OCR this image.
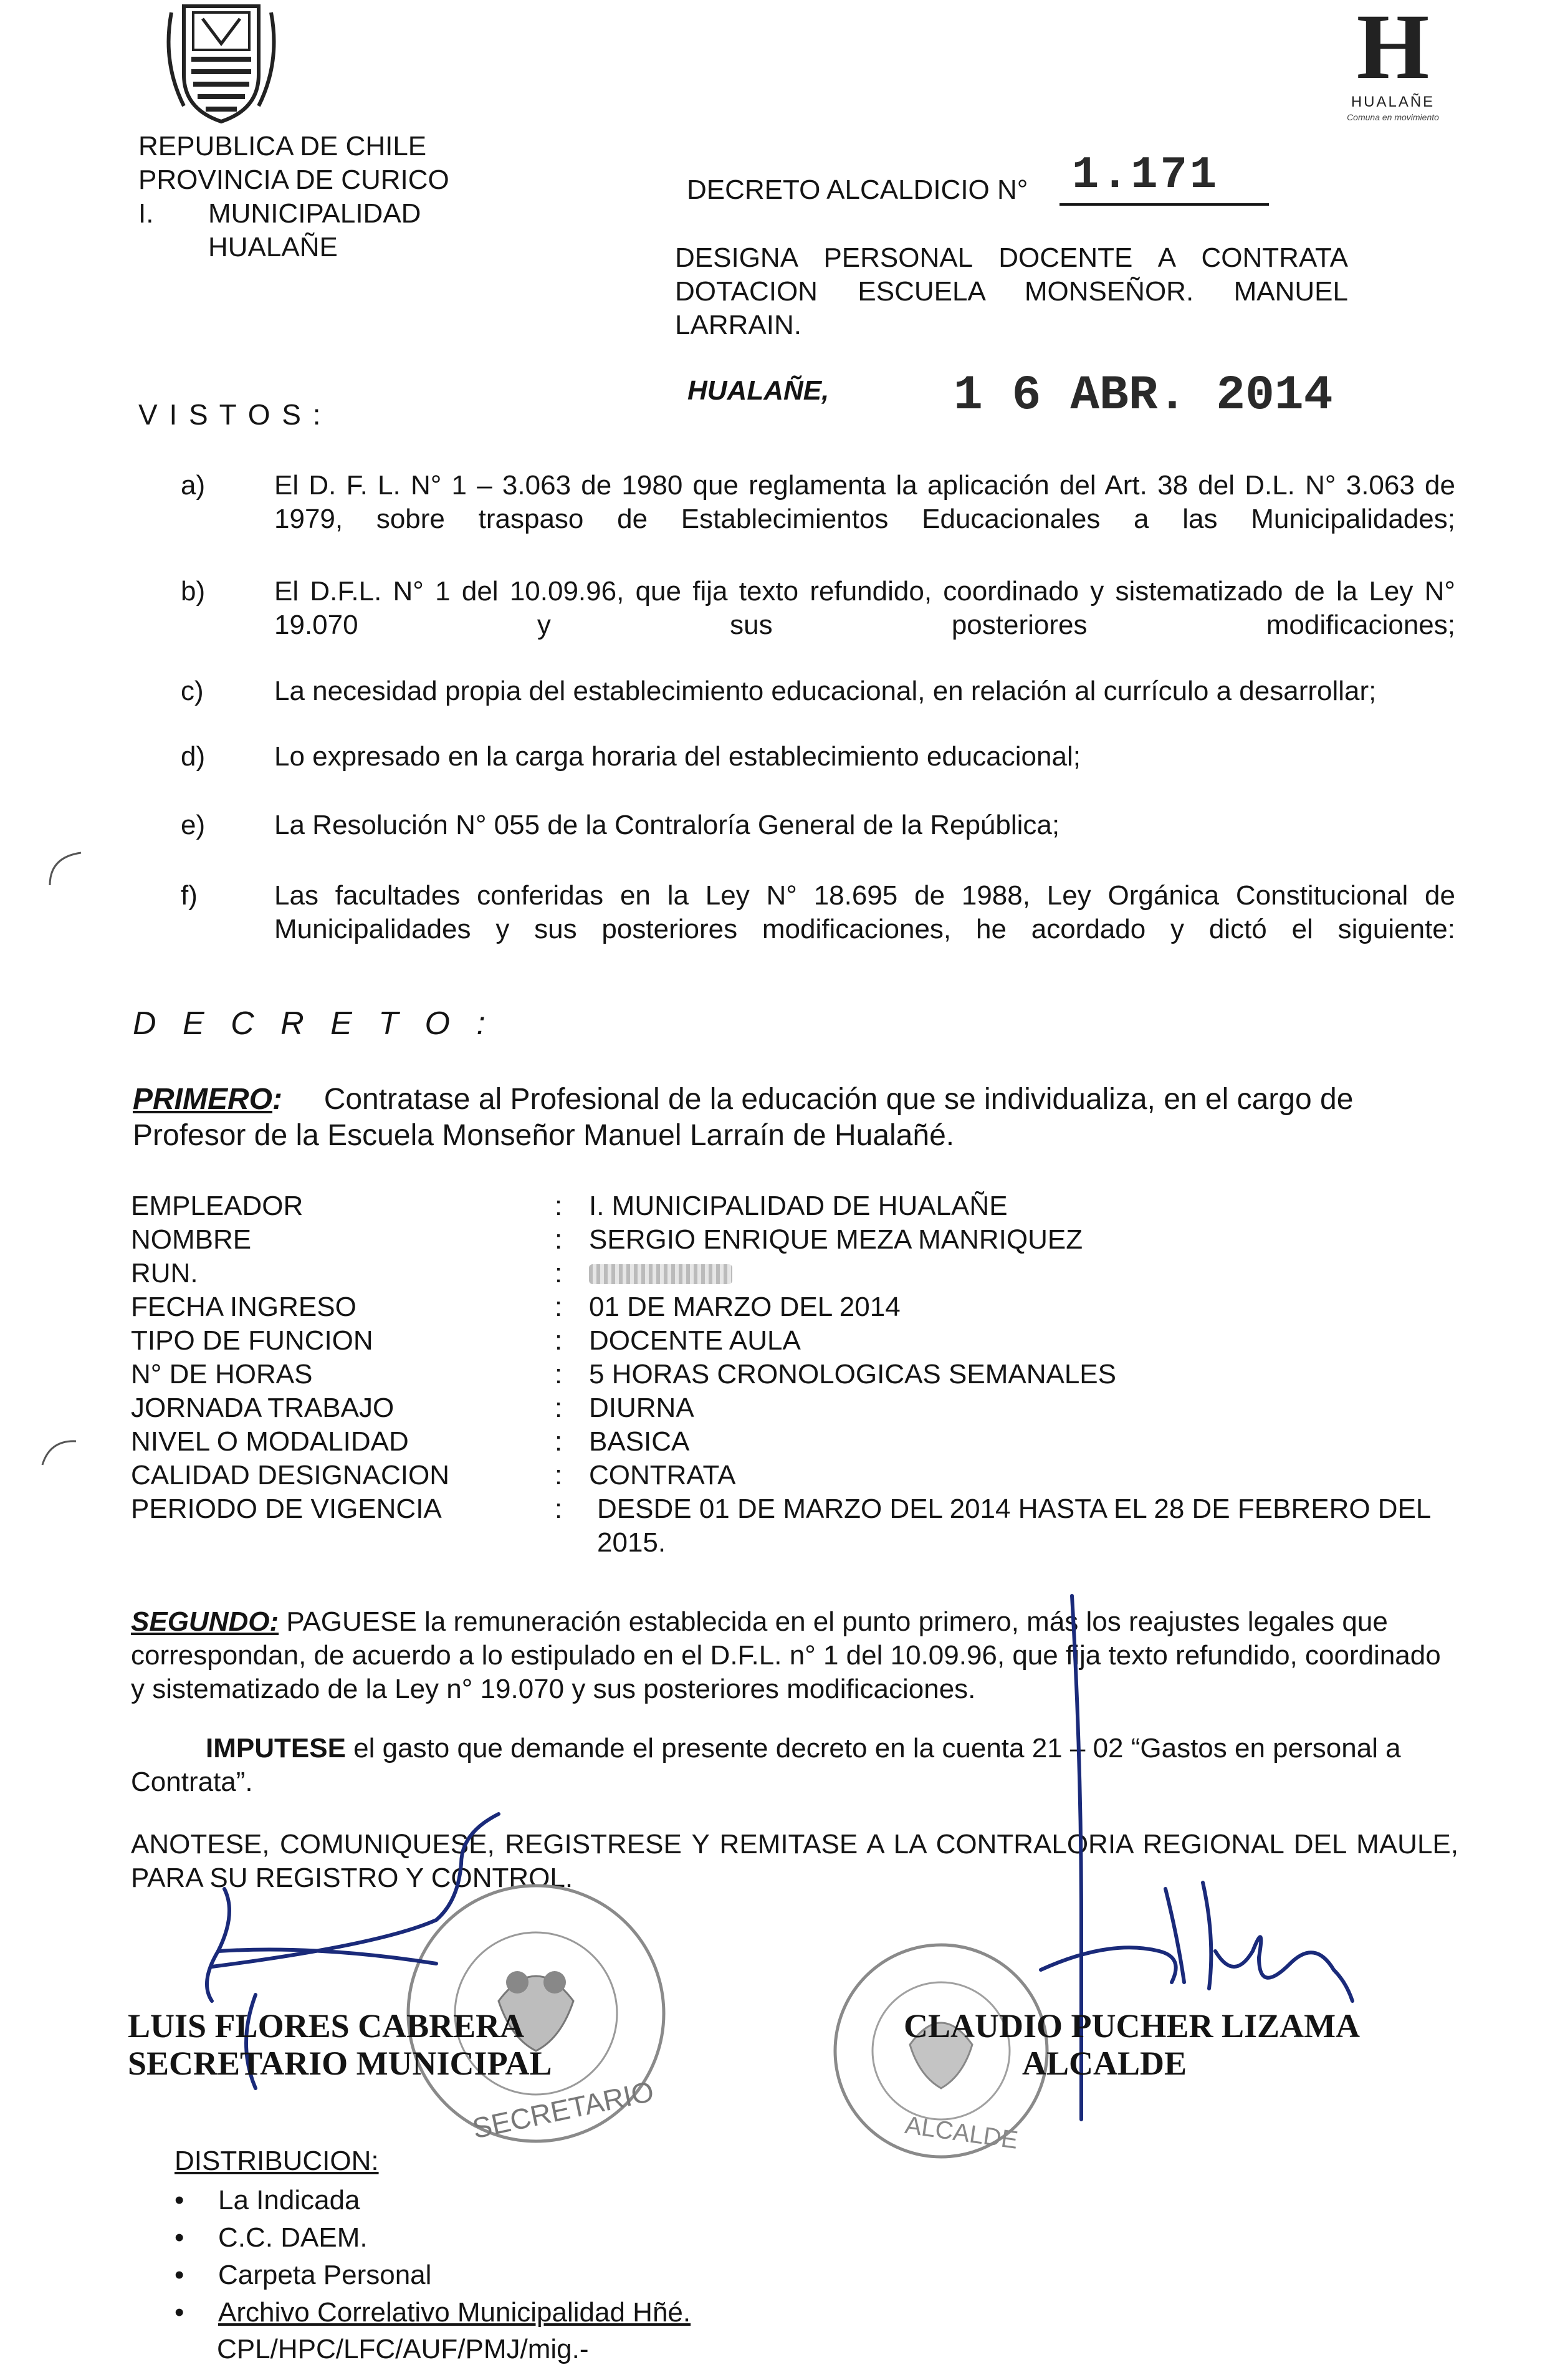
H
HUALAÑE
Comuna en movimiento
REPUBLICA DE CHILE
PROVINCIA DE CURICO
I. MUNICIPALIDAD
HUALAÑE
DECRETO ALCALDICIO N° 1.171
DESIGNA PERSONAL DOCENTE A CONTRATA DOTACION ESCUELA MONSEÑOR. MANUEL LARRAIN.
HUALAÑE,	1 6 ABR. 2014
V I S T O S :
a)	El D. F. L. N° 1 – 3.063 de 1980 que reglamenta la aplicación del Art. 38 del D.L. N° 3.063 de 1979, sobre traspaso de Establecimientos Educacionales a las Municipalidades;
b)	El D.F.L. N° 1 del 10.09.96, que fija texto refundido, coordinado y sistematizado de la Ley N° 19.070 y sus posteriores modificaciones;
c)	La necesidad propia del establecimiento educacional, en relación al currículo a desarrollar;
d)	Lo expresado en la carga horaria del establecimiento educacional;
e)	La Resolución N° 055 de la Contraloría General de la República;
f)	Las facultades conferidas en la Ley N° 18.695 de 1988, Ley Orgánica Constitucional de Municipalidades y sus posteriores modificaciones, he acordado y dictó el siguiente:
D E C R E T O :
PRIMERO: Contratase al Profesional de la educación que se individualiza, en el cargo de Profesor de la Escuela Monseñor Manuel Larraín de Hualañé.
EMPLEADOR	: I. MUNICIPALIDAD DE HUALAÑE
NOMBRE	: SERGIO ENRIQUE MEZA MANRIQUEZ
RUN.	:
FECHA INGRESO	: 01 DE MARZO DEL 2014
TIPO DE FUNCION	: DOCENTE AULA
N° DE HORAS	: 5 HORAS CRONOLOGICAS SEMANALES
JORNADA TRABAJO	: DIURNA
NIVEL O MODALIDAD	: BASICA
CALIDAD DESIGNACION	: CONTRATA
PERIODO DE VIGENCIA	: DESDE 01 DE MARZO DEL 2014 HASTA EL 28 DE FEBRERO DEL 2015.
SEGUNDO: PAGUESE la remuneración establecida en el punto primero, más los reajustes legales que correspondan, de acuerdo a lo estipulado en el D.F.L. n° 1 del 10.09.96, que fija texto refundido, coordinado y sistematizado de la Ley n° 19.070 y sus posteriores modificaciones.
IMPUTESE el gasto que demande el presente decreto en la cuenta 21 – 02 “Gastos en personal a Contrata”.
ANOTESE, COMUNIQUESE, REGISTRESE Y REMITASE A LA CONTRALORIA REGIONAL DEL MAULE, PARA SU REGISTRO Y CONTROL.
SECRETARIO	ALCALDE
LUIS FLORES CABRERA
SECRETARIO MUNICIPAL
CLAUDIO PUCHER LIZAMA
ALCALDE
DISTRIBUCION:
• La Indicada
• C.C. DAEM.
• Carpeta Personal
• Archivo Correlativo Municipalidad Hñé.
CPL/HPC/LFC/AUF/PMJ/mig.-
